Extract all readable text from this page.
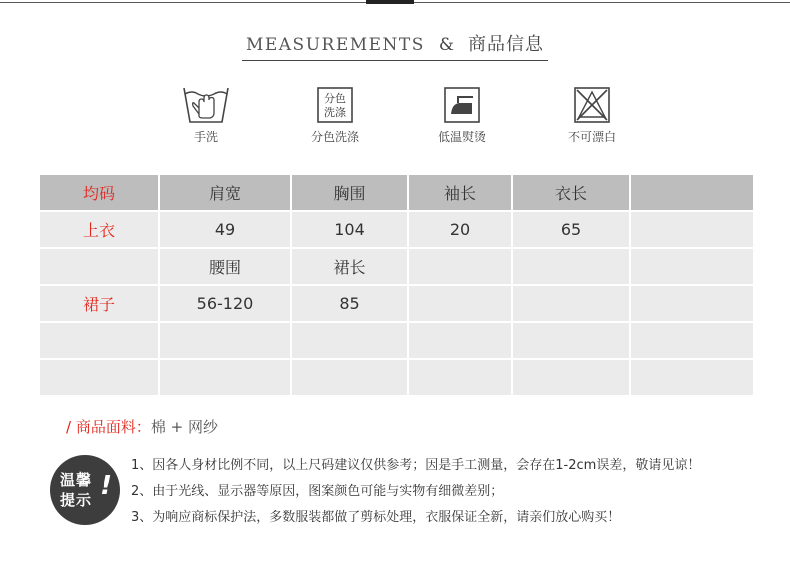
MEASUREMENTS & 商品信息
手洗
分色
洗涤
分色洗涤	低温熨烫	不可漂白
均码	肩宽	胸围	袖长	衣长	
上衣	49	104	20	65	
	腰围	裙长			
裙子	56-120	85			

/ 商品面料：棉 + 网纱
温馨
提示 !
1、因各人身材比例不同，以上尺码建议仅供参考；因是手工测量，会存在1-2cm误差，敬请见谅！
2、由于光线、显示器等原因，图案颜色可能与实物有细微差别；
3、为响应商标保护法，多数服装都做了剪标处理，衣服保证全新，请亲们放心购买！
